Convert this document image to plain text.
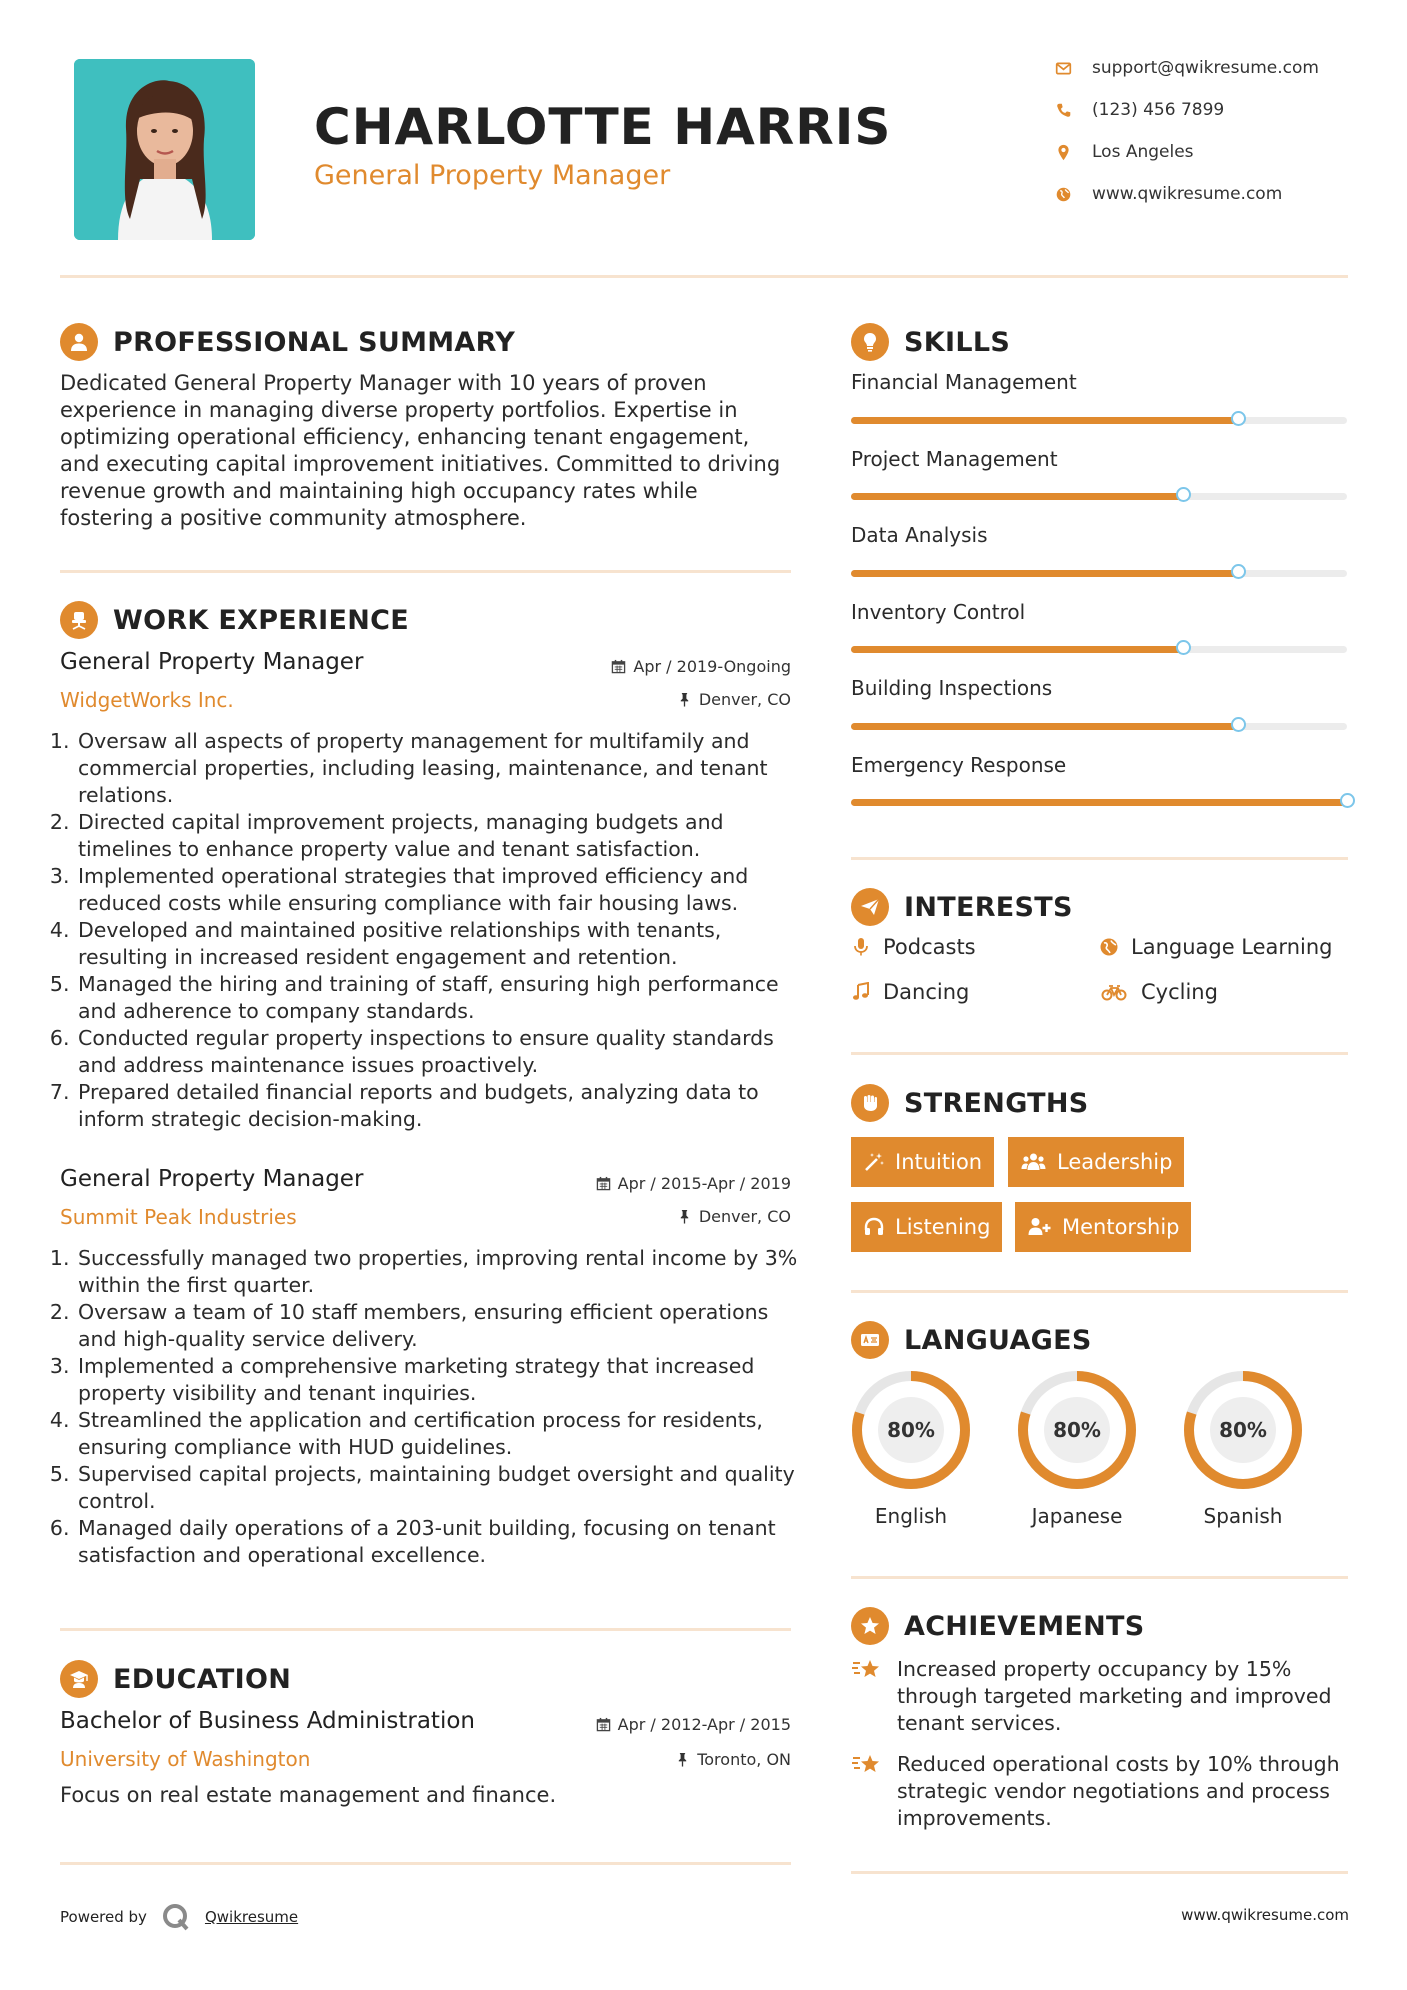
CHARLOTTE HARRIS
General Property Manager
support@qwikresume.com
(123) 456 7899
Los Angeles
www.qwikresume.com
PROFESSIONAL SUMMARY
Dedicated General Property Manager with 10 years of proven experience in managing diverse property portfolios. Expertise in optimizing operational efficiency, enhancing tenant engagement, and executing capital improvement initiatives. Committed to driving revenue growth and maintaining high occupancy rates while fostering a positive community atmosphere.
WORK EXPERIENCE
General Property Manager	Apr / 2019-Ongoing
WidgetWorks Inc.	Denver, CO
1. Oversaw all aspects of property management for multifamily and commercial properties, including leasing, maintenance, and tenant relations.
2. Directed capital improvement projects, managing budgets and timelines to enhance property value and tenant satisfaction.
3. Implemented operational strategies that improved efficiency and reduced costs while ensuring compliance with fair housing laws.
4. Developed and maintained positive relationships with tenants, resulting in increased resident engagement and retention.
5. Managed the hiring and training of staff, ensuring high performance and adherence to company standards.
6. Conducted regular property inspections to ensure quality standards and address maintenance issues proactively.
7. Prepared detailed financial reports and budgets, analyzing data to inform strategic decision-making.
General Property Manager	Apr / 2015-Apr / 2019
Summit Peak Industries	Denver, CO
1. Successfully managed two properties, improving rental income by 3% within the first quarter.
2. Oversaw a team of 10 staff members, ensuring efficient operations and high-quality service delivery.
3. Implemented a comprehensive marketing strategy that increased property visibility and tenant inquiries.
4. Streamlined the application and certification process for residents, ensuring compliance with HUD guidelines.
5. Supervised capital projects, maintaining budget oversight and quality control.
6. Managed daily operations of a 203-unit building, focusing on tenant satisfaction and operational excellence.
EDUCATION
Bachelor of Business Administration	Apr / 2012-Apr / 2015
University of Washington	Toronto, ON
Focus on real estate management and finance.
SKILLS
Financial Management
Project Management
Data Analysis
Inventory Control
Building Inspections
Emergency Response
INTERESTS
Podcasts	Language Learning
Dancing	Cycling
STRENGTHS
Intuition	Leadership
Listening	Mentorship
LANGUAGES
80%
English
80%
Japanese
80%
Spanish
ACHIEVEMENTS
Increased property occupancy by 15% through targeted marketing and improved tenant services.
Reduced operational costs by 10% through strategic vendor negotiations and process improvements.
Powered by	Qwikresume	www.qwikresume.com
